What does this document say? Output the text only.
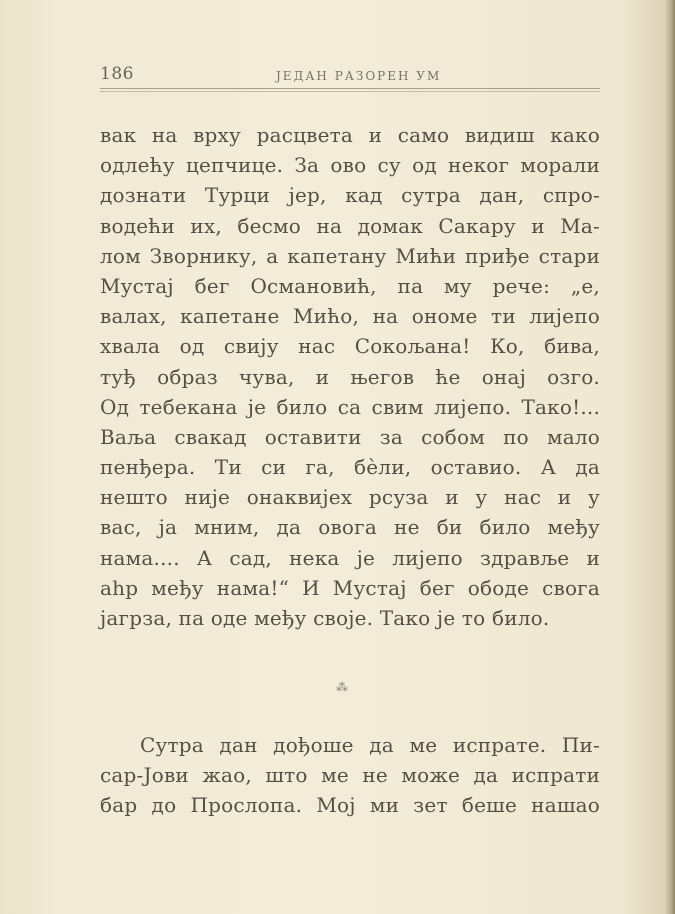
186	ЈЕДАН РАЗОРЕН УМ
вак на врху расцвета и само видиш како
одлећу цепчице. За ово су од неког морали
дознати Турци јер, кад сутра дан, спро-
водећи их, бесмо на домак Сакару и Ма-
лом Зворнику, а капетану Мићи приђе стари
Мустај бег Османовић, па му рече: „е,
валах, капетане Мићо, на ономе ти лијепо
хвала од свију нас Сокољана! Ко, бива,
туђ образ чува, и његов ће онај озго.
Од тебекана је било са свим лијепо. Тако!...
Ваља свакад оставити за собом по мало
пенђера. Ти си га, бѐли, оставио. А да
нешто није онаквијех рсуза и у нас и у
вас, ја мним, да овога не би било међу
нама.... А сад, нека је лијепо здравље и
ahр међу нама!“ И Мустај бег ободе свога
јагрза, па оде међу своје. Тако је то било.
⁂
Сутра дан дођоше да ме испрате. Пи-
сар-Јови жао, што ме не може да испрати
бар до Прослопа. Мој ми зет беше нашао
